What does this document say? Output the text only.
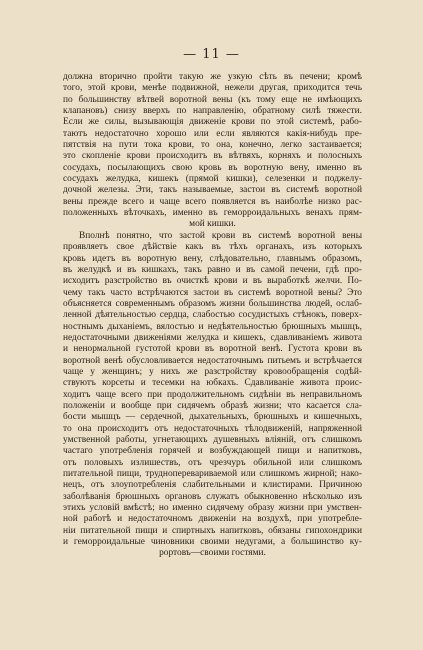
— 11 —

должна вторично пройти такую же узкую сѣть въ печени; кромѣ
того, этой крови, менѣе подвижной, нежели другая, приходится течь
по большинству вѣтвей воротной вены (къ тому еще не имѣющихъ
клапановъ) снизу вверхъ по направленію, обратному силѣ тяжести.
Если же силы, вызывающія движеніе крови по этой системѣ, рабо-
таютъ недостаточно хорошо или если являются какія-нибудь пре-
пятствія на пути тока крови, то она, конечно, легко застаивается;
это скопленіе крови происходитъ въ вѣтвяхъ, корняхъ и полосныхъ
сосудахъ, посылающихъ свою кровь въ воротную вену, именно въ
сосудахъ желудка, кишекъ (прямой кишки), селезенки и поджелу-
дочной железы. Эти, такъ называемые, застои въ системѣ воротной
вены прежде всего и чаще всего появляется въ наиболѣе низко рас-
положенныхъ вѣточкахъ, именно въ геморроидальныхъ венахъ прям-
мой кишки.

Вполнѣ понятно, что застой крови въ системѣ воротной вены
проявляетъ свое дѣйствіе какъ въ тѣхъ органахъ, изъ которыхъ
кровь идетъ въ воротную вену, слѣдовательно, главнымъ образомъ,
въ желудкѣ и въ кишкахъ, такъ равно и въ самой печени, гдѣ про-
исходитъ разстройство въ очисткѣ крови и въ выработкѣ желчи. По-
чему такъ часто встрѣчаются застои въ системѣ воротной вены? Это
объясняется современнымъ образомъ жизни большинства людей, ослаб-
ленной дѣятельностью сердца, слабостью сосудистыхъ стѣнокъ, поверх-
ностнымъ дыханіемъ, вялостью и недѣятельностью брюшныхъ мышцъ,
недостаточными движеніями желудка и кишекъ, сдавливаніемъ живота
и ненормальной густотой крови въ воротной венѣ. Густота крови въ
воротной венѣ обусловливается недостаточнымъ питьемъ и встрѣчается
чаще у женщинъ; у нихъ же разстройству кровообращенія содѣй-
ствуютъ корсеты и тесемки на юбкахъ. Сдавливаніе живота проис-
ходитъ чаще всего при продолжительномъ сидѣніи въ неправильномъ
положеніи и вообще при сидячемъ образѣ жизни; что касается сла-
бости мышцъ — сердечной, дыхательныхъ, брюшныхъ и кишечныхъ,
то она происходитъ отъ недостаточныхъ тѣлодвиженій, напряженной
умственной работы, угнетающихъ душевныхъ вліяній, отъ слишкомъ
частаго употребленія горячей и возбуждающей пищи и напитковъ,
отъ половыхъ излишествъ, отъ чрезчуръ обильной или слишкомъ
питательной пищи, трудноперевариваемой или слишкомъ жирной; нако-
нецъ, отъ злоупотребленія слабительными и клистирами. Причиною
заболѣванія брюшныхъ органовъ служатъ обыкновенно нѣсколько изъ
этихъ условій вмѣстѣ; но именно сидячему образу жизни при умствен-
ной работѣ и недостаточномъ движеніи на воздухѣ, при употребле-
ніи питательной пищи и спиртныхъ напитковъ, обязаны гипохондрики
и геморроидальные чиновники своими недугами, а большинство ку-
рортовъ—своими гостями.
